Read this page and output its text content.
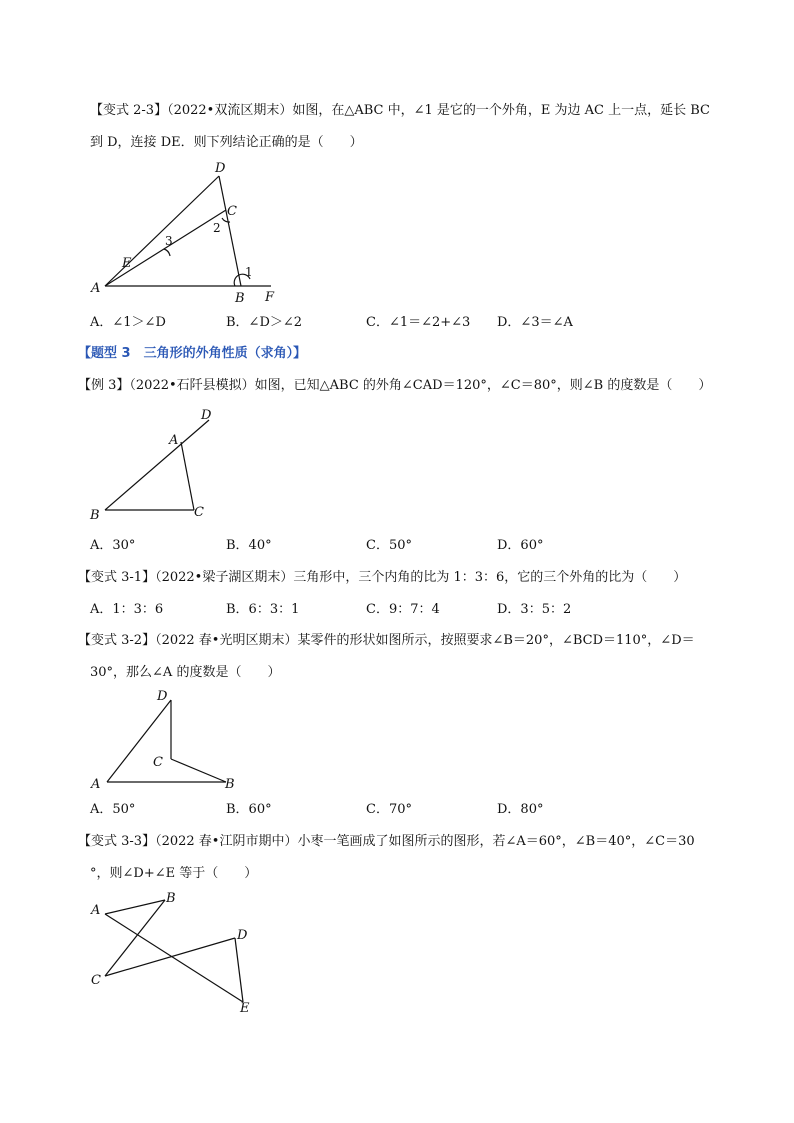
【变式 2-3】（2022•双流区期末）如图，在△ABC 中，∠1 是它的一个外角，E 为边 AC 上一点，延长 BC
到 D，连接 DE．则下列结论正确的是（　　）
D
C
2
3
E
A
B
1
F
A．∠1＞∠D	B．∠D＞∠2	C．∠1＝∠2+∠3 D．∠3＝∠A
【题型 3　三角形的外角性质（求角）】
【例 3】（2022•石阡县模拟）如图，已知△ABC 的外角∠CAD＝120°，∠C＝80°，则∠B 的度数是（　　）
D
A
B	C
A．30°	B．40°	C．50°	D．60°
【变式 3-1】（2022•梁子湖区期末）三角形中，三个内角的比为 1：3：6，它的三个外角的比为（　　）
A．1：3：6	B．6：3：1	C．9：7：4	D．3：5：2
【变式 3-2】（2022 春•光明区期末）某零件的形状如图所示，按照要求∠B＝20°，∠BCD＝110°，∠D＝
30°，那么∠A 的度数是（　　）
D
C
A	B
A．50°	B．60°	C．70°	D．80°
【变式 3-3】（2022 春•江阴市期中）小枣一笔画成了如图所示的图形，若∠A＝60°，∠B＝40°，∠C＝30
°，则∠D+∠E 等于（　　）
A
B
D
C
E
